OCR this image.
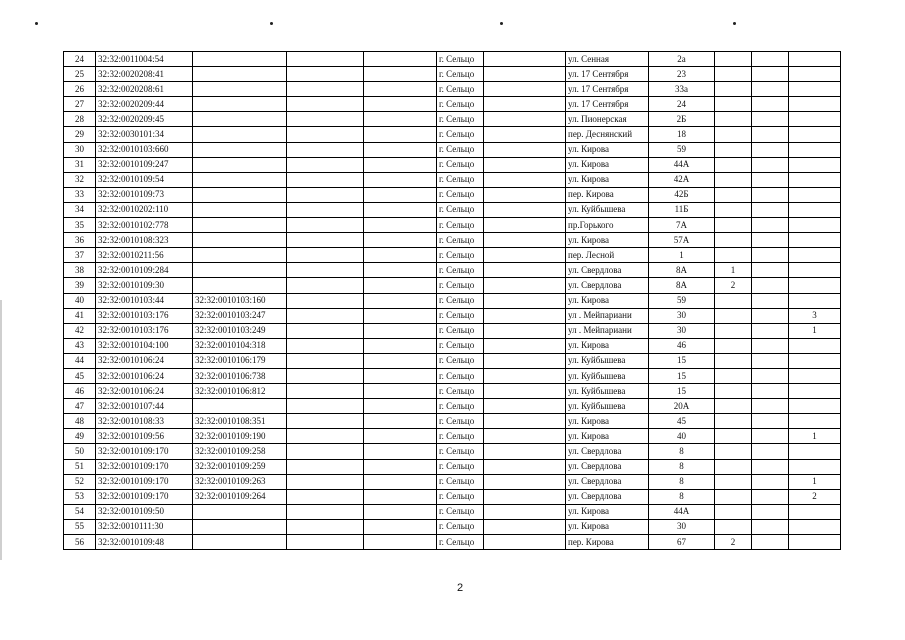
24	32:32:0011004:54				г. Сельцо		ул. Сенная	2а			
25	32:32:0020208:41				г. Сельцо		ул. 17 Сентября	23			
26	32:32:0020208:61				г. Сельцо		ул. 17 Сентября	33а			
27	32:32:0020209:44				г. Сельцо		ул. 17 Сентября	24			
28	32:32:0020209:45				г. Сельцо		ул. Пионерская	2Б			
29	32:32:0030101:34				г. Сельцо		пер. Деснянский	18			
30	32:32:0010103:660				г. Сельцо		ул. Кирова	59			
31	32:32:0010109:247				г. Сельцо		ул. Кирова	44А			
32	32:32:0010109:54				г. Сельцо		ул. Кирова	42А			
33	32:32:0010109:73				г. Сельцо		пер. Кирова	42Б			
34	32:32:0010202:110				г. Сельцо		ул. Куйбышева	11Б			
35	32:32:0010102:778				г. Сельцо		пр.Горького	7А			
36	32:32:0010108:323				г. Сельцо		ул. Кирова	57А			
37	32:32:0010211:56				г. Сельцо		пер. Лесной	1			
38	32:32:0010109:284				г. Сельцо		ул. Свердлова	8А	1		
39	32:32:0010109:30				г. Сельцо		ул. Свердлова	8А	2		
40	32:32:0010103:44	32:32:0010103:160			г. Сельцо		ул. Кирова	59			
41	32:32:0010103:176	32:32:0010103:247			г. Сельцо		ул . Мейпариани	30			3
42	32:32:0010103:176	32:32:0010103:249			г. Сельцо		ул . Мейпариани	30			1
43	32:32:0010104:100	32:32:0010104:318			г. Сельцо		ул. Кирова	46			
44	32:32:0010106:24	32:32:0010106:179			г. Сельцо		ул. Куйбышева	15			
45	32:32:0010106:24	32:32:0010106:738			г. Сельцо		ул. Куйбышева	15			
46	32:32:0010106:24	32:32:0010106:812			г. Сельцо		ул. Куйбышева	15			
47	32:32:0010107:44				г. Сельцо		ул. Куйбышева	20А			
48	32:32:0010108:33	32:32:0010108:351			г. Сельцо		ул. Кирова	45			
49	32:32:0010109:56	32:32:0010109:190			г. Сельцо		ул. Кирова	40			1
50	32:32:0010109:170	32:32:0010109:258			г. Сельцо		ул. Свердлова	8			
51	32:32:0010109:170	32:32:0010109:259			г. Сельцо		ул. Свердлова	8			
52	32:32:0010109:170	32:32:0010109:263			г. Сельцо		ул. Свердлова	8			1
53	32:32:0010109:170	32:32:0010109:264			г. Сельцо		ул. Свердлова	8			2
54	32:32:0010109:50				г. Сельцо		ул. Кирова	44А			
55	32:32:0010111:30				г. Сельцо		ул. Кирова	30			
56	32:32:0010109:48				г. Сельцо		пер. Кирова	67	2		
2
